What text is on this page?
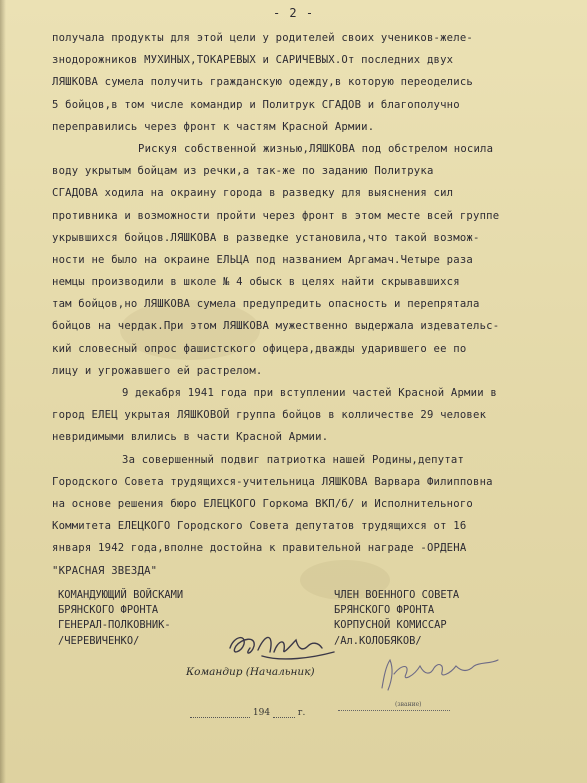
- 2 -
получала продукты для этой цели у родителей своих учеников-желе-
знодорожников МУХИНЫХ,ТОКАРЕВЫХ и САРИЧЕВЫХ.От последних двух
ЛЯШКОВА сумела получить гражданскую одежду,в которую переоделись
5 бойцов,в том числе командир и Политрук СГАДОВ и благополучно
переправились через фронт к частям Красной Армии.
Рискуя собственной жизнью,ЛЯШКОВА под обстрелом носила
воду укрытым бойцам из речки,а так-же по заданию Политрука
СГАДОВА ходила на окраину города в разведку для выяснения сил
противника и возможности пройти через фронт в этом месте всей группе
укрывшихся бойцов.ЛЯШКОВА в разведке установила,что такой возмож-
ности не было на окраине ЕЛЬЦА под названием Аргамач.Четыре раза
немцы производили в школе № 4 обыск в целях найти скрывавшихся
там бойцов,но ЛЯШКОВА сумела предупредить опасность и перепрятала
бойцов на чердак.При этом ЛЯШКОВА мужественно выдержала издевательс-
кий словесный опрос фашистского офицера,дважды ударившего ее по
лицу и угрожавшего ей растрелом.
9 декабря 1941 года при вступлении частей Красной Армии в
город ЕЛЕЦ укрытая ЛЯШКОВОЙ группа бойцов в колличестве 29 человек
невридимыми влились в части Красной Армии.
За совершенный подвиг патриотка нашей Родины,депутат
Городского Совета трудящихся-учительница ЛЯШКОВА Варвара Филипповна
на основе решения бюро ЕЛЕЦКОГО Горкома ВКП/б/ и Исполнительного
Коммитета ЕЛЕЦКОГО Городского Совета депутатов трудящихся от 16
января 1942 года,вполне достойна к правительной награде -ОРДЕНА
"КРАСНАЯ ЗВЕЗДА"
КОМАНДУЮЩИЙ ВОЙСКАМИ
БРЯНСКОГО ФРОНТА
ГЕНЕРАЛ-ПОЛКОВНИК-
/ЧЕРЕВИЧЕНКО/
ЧЛЕН ВОЕННОГО СОВЕТА
БРЯНСКОГО ФРОНТА
КОРПУСНОЙ КОМИССАР
/Ал.КОЛОБЯКОВ/
Командир (Начальник)
(звание)
194	г.
